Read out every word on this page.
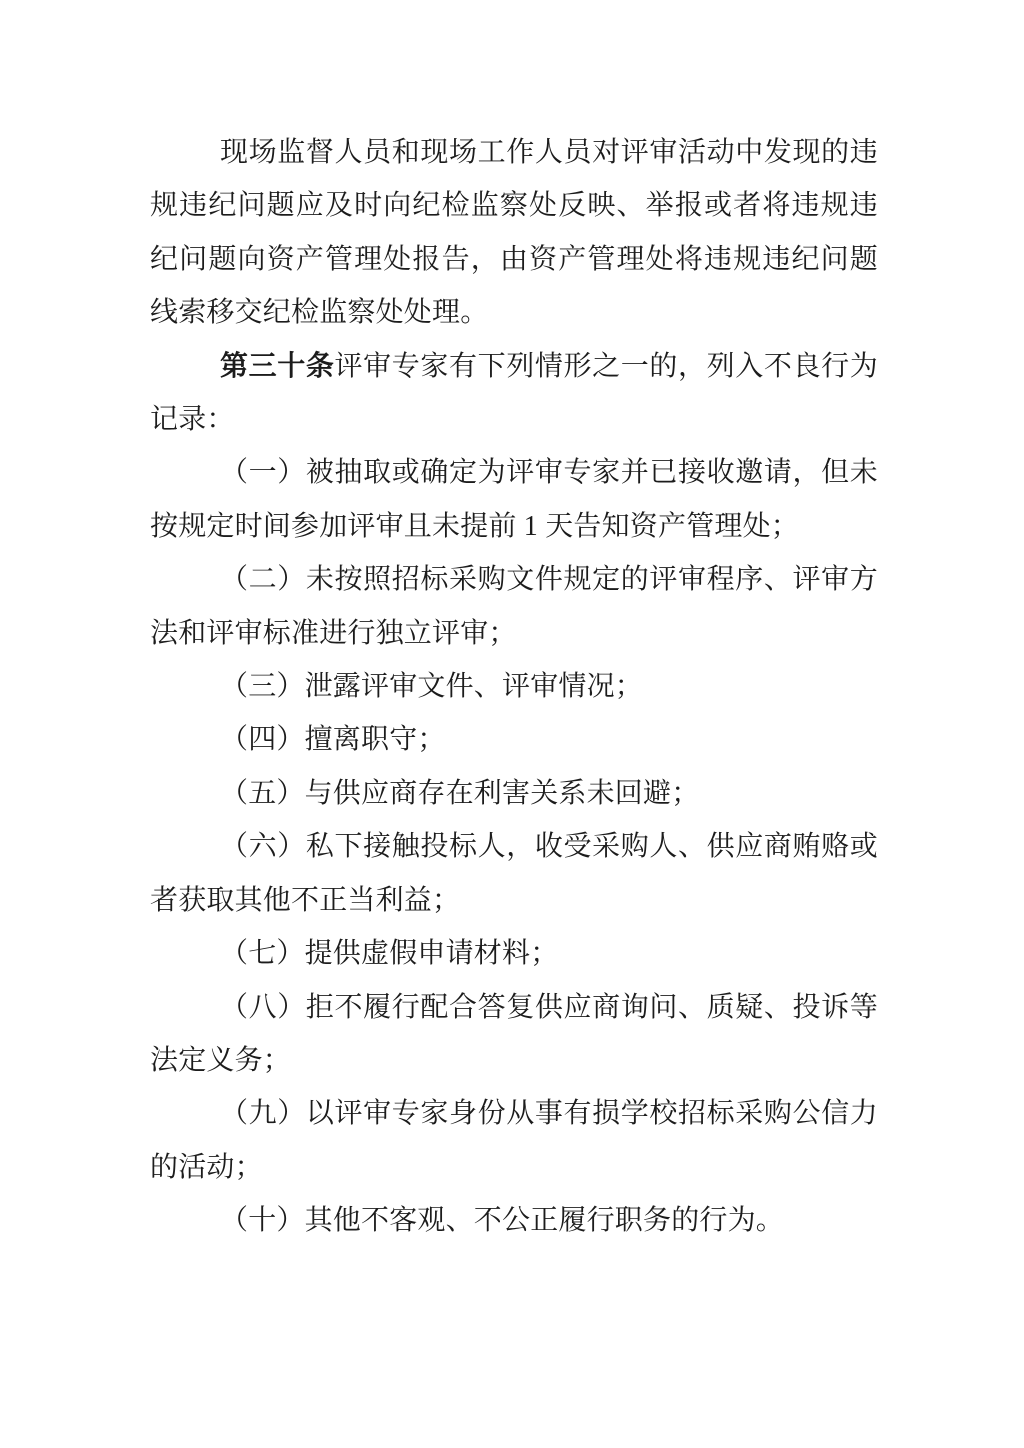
现场监督人员和现场工作人员对评审活动中发现的违规违纪问题应及时向纪检监察处反映、举报或者将违规违纪问题向资产管理处报告，由资产管理处将违规违纪问题线索移交纪检监察处处理。

第三十条评审专家有下列情形之一的，列入不良行为记录：

（一）被抽取或确定为评审专家并已接收邀请，但未按规定时间参加评审且未提前 1 天告知资产管理处；

（二）未按照招标采购文件规定的评审程序、评审方法和评审标准进行独立评审；

（三）泄露评审文件、评审情况；

（四）擅离职守；

（五）与供应商存在利害关系未回避；

（六）私下接触投标人，收受采购人、供应商贿赂或者获取其他不正当利益；

（七）提供虚假申请材料；

（八）拒不履行配合答复供应商询问、质疑、投诉等法定义务；

（九）以评审专家身份从事有损学校招标采购公信力的活动；

（十）其他不客观、不公正履行职务的行为。
